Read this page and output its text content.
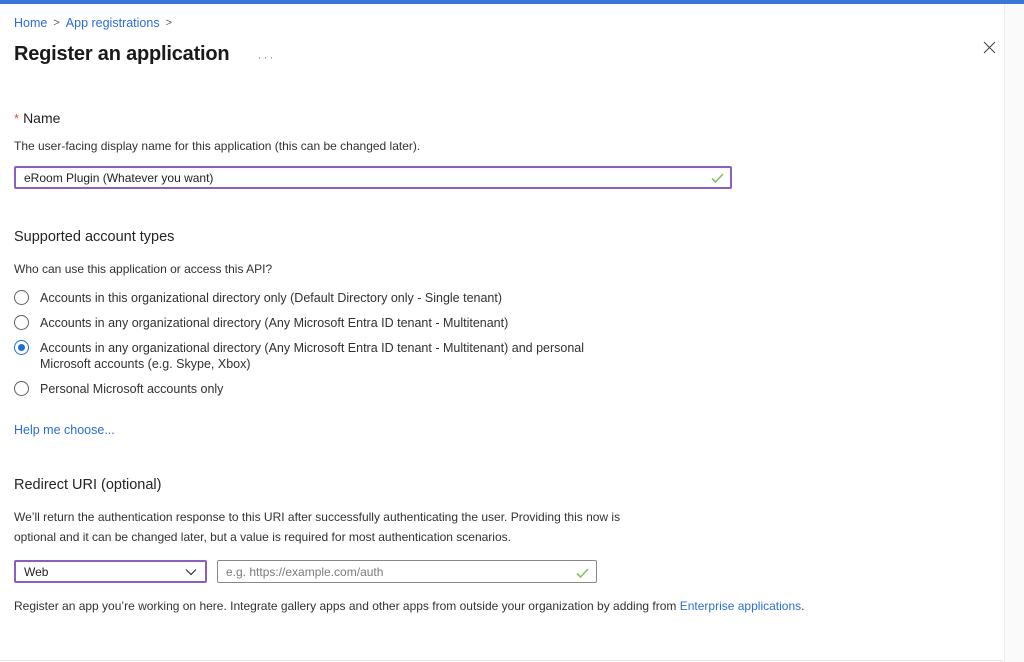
Home > App registrations >
Register an application ···
* Name
The user-facing display name for this application (this can be changed later).
eRoom Plugin (Whatever you want)
Supported account types
Who can use this application or access this API?
Accounts in this organizational directory only (Default Directory only - Single tenant)
Accounts in any organizational directory (Any Microsoft Entra ID tenant - Multitenant)
Accounts in any organizational directory (Any Microsoft Entra ID tenant - Multitenant) and personal Microsoft accounts (e.g. Skype, Xbox)
Personal Microsoft accounts only
Help me choose...
Redirect URI (optional)
We’ll return the authentication response to this URI after successfully authenticating the user. Providing this now is optional and it can be changed later, but a value is required for most authentication scenarios.
Web
e.g. https://example.com/auth
Register an app you’re working on here. Integrate gallery apps and other apps from outside your organization by adding from Enterprise applications.
